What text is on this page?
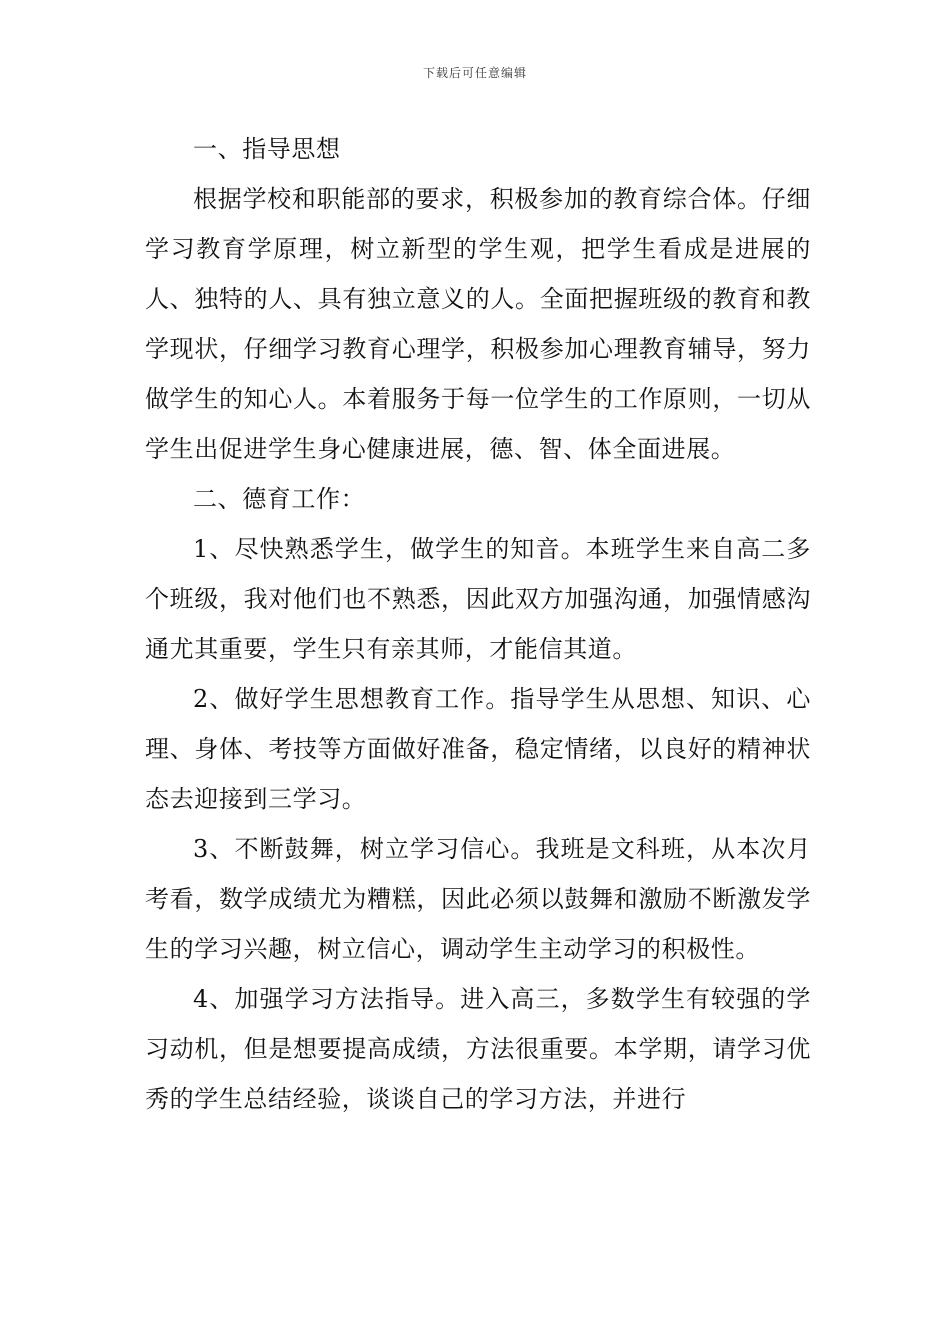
下载后可任意编辑

一、指导思想

根据学校和职能部的要求，积极参加的教育综合体。仔细学习教育学原理，树立新型的学生观，把学生看成是进展的人、独特的人、具有独立意义的人。全面把握班级的教育和教学现状，仔细学习教育心理学，积极参加心理教育辅导，努力做学生的知心人。本着服务于每一位学生的工作原则，一切从学生出促进学生身心健康进展，德、智、体全面进展。

二、德育工作：

1、尽快熟悉学生，做学生的知音。本班学生来自高二多个班级，我对他们也不熟悉，因此双方加强沟通，加强情感沟通尤其重要，学生只有亲其师，才能信其道。

2、做好学生思想教育工作。指导学生从思想、知识、心理、身体、考技等方面做好准备，稳定情绪，以良好的精神状态去迎接到三学习。

3、不断鼓舞，树立学习信心。我班是文科班，从本次月考看，数学成绩尤为糟糕，因此必须以鼓舞和激励不断激发学生的学习兴趣，树立信心，调动学生主动学习的积极性。

4、加强学习方法指导。进入高三，多数学生有较强的学习动机，但是想要提高成绩，方法很重要。本学期，请学习优秀的学生总结经验，谈谈自己的学习方法，并进行
